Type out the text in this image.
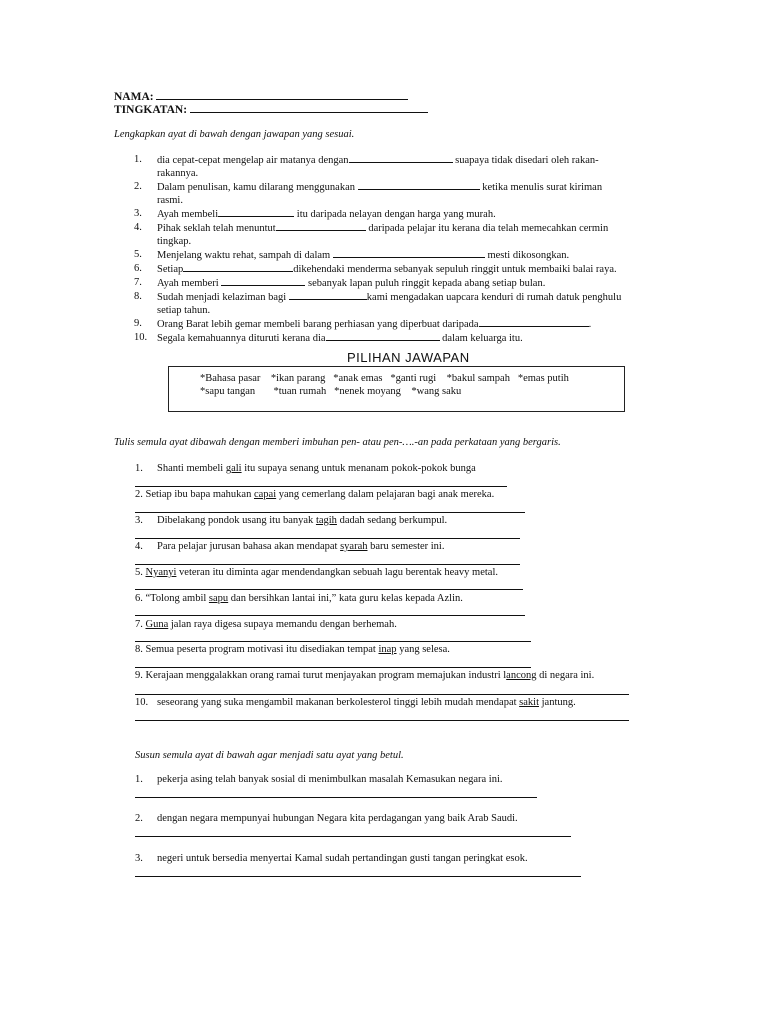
NAMA:
TINGKATAN:
Lengkapkan ayat di bawah dengan jawapan yang sesuai.
1. dia cepat-cepat mengelap air matanya dengan	suapaya tidak disedari oleh rakan-
rakannya.
2. Dalam penulisan, kamu dilarang menggunakan	ketika menulis surat kiriman
rasmi.
3. Ayah membeli	itu daripada nelayan dengan harga yang murah.
4. Pihak seklah telah menuntut	daripada pelajar itu kerana dia telah memecahkan cermin
tingkap.
5. Menjelang waktu rehat, sampah di dalam	mesti dikosongkan.
6. Setiap	dikehendaki menderma sebanyak sepuluh ringgit untuk membaiki balai raya.
7. Ayah memberi	sebanyak lapan puluh ringgit kepada abang setiap bulan.
8. Sudah menjadi kelaziman bagi	kami mengadakan uapcara kenduri di rumah datuk penghulu
setiap tahun.
9. Orang Barat lebih gemar membeli barang perhiasan yang diperbuat daripada	.
10. Segala kemahuannya dituruti kerana dia	dalam keluarga itu.
PILIHAN JAWAPAN
*Bahasa pasar    *ikan parang   *anak emas   *ganti rugi    *bakul sampah   *emas putih
*sapu tangan       *tuan rumah   *nenek moyang    *wang saku
Tulis semula ayat dibawah dengan memberi imbuhan pen- atau pen-….-an pada perkataan yang bergaris.
1. Shanti membeli gali itu supaya senang untuk menanam pokok-pokok bunga
2. Setiap ibu bapa mahukan capai yang cemerlang dalam pelajaran bagi anak mereka.
3. Dibelakang pondok usang itu banyak tagih dadah sedang berkumpul.
4. Para pelajar jurusan bahasa akan mendapat syarah baru semester ini.
5. Nyanyi veteran itu diminta agar mendendangkan sebuah lagu berentak heavy metal.
6. “Tolong ambil sapu dan bersihkan lantai ini,” kata guru kelas kepada Azlin.
7. Guna jalan raya digesa supaya memandu dengan berhemah.
8. Semua peserta program motivasi itu disediakan tempat inap yang selesa.
9. Kerajaan menggalakkan orang ramai turut menjayakan program memajukan industri lancong di negara ini.
10. seseorang yang suka mengambil makanan berkolesterol tinggi lebih mudah mendapat sakit jantung.
Susun semula ayat di bawah agar menjadi satu ayat yang betul.
1. pekerja asing telah banyak sosial di menimbulkan masalah Kemasukan negara ini.
2. dengan negara mempunyai hubungan Negara kita perdagangan yang baik Arab Saudi.
3. negeri untuk bersedia menyertai Kamal sudah pertandingan gusti tangan peringkat esok.
